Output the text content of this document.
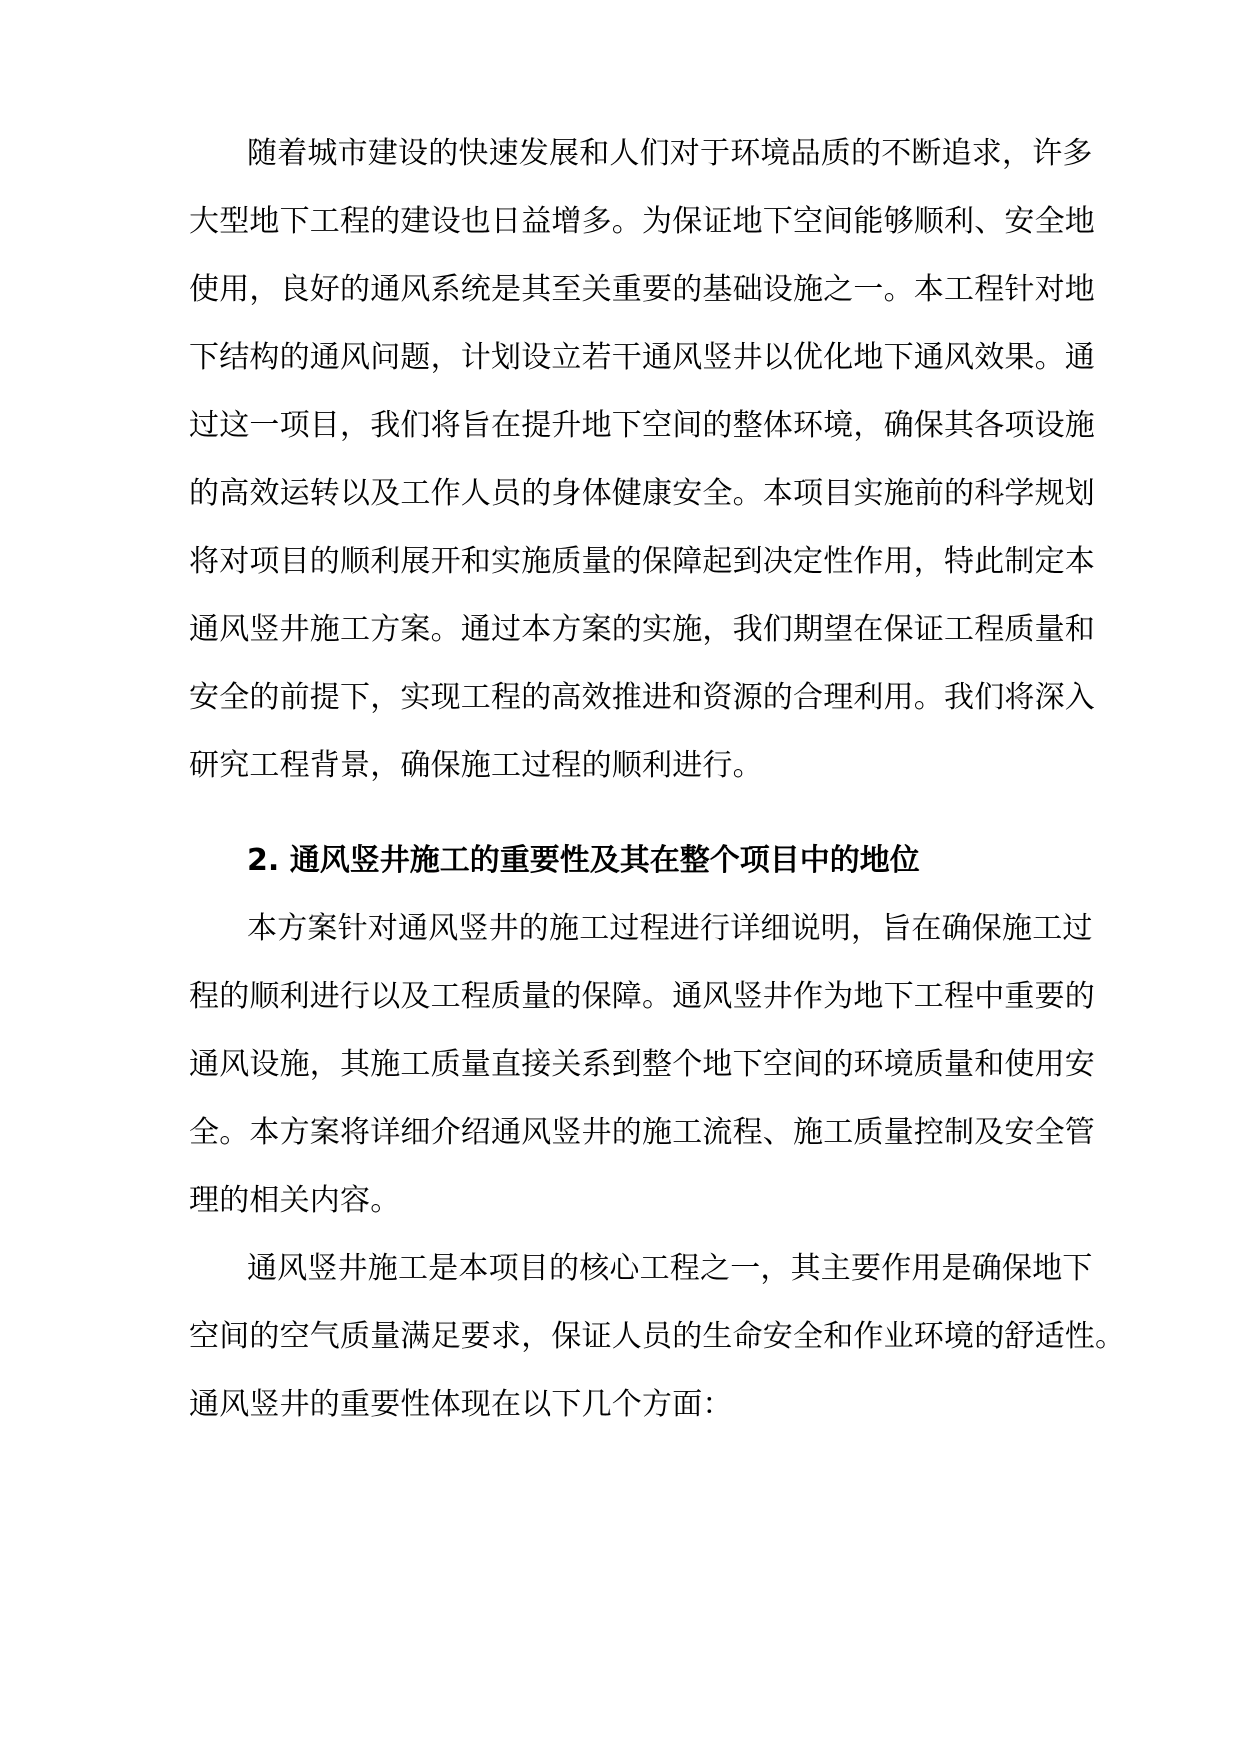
随着城市建设的快速发展和人们对于环境品质的不断追求，许多
大型地下工程的建设也日益增多。为保证地下空间能够顺利、安全地
使用，良好的通风系统是其至关重要的基础设施之一。本工程针对地
下结构的通风问题，计划设立若干通风竖井以优化地下通风效果。通
过这一项目，我们将旨在提升地下空间的整体环境，确保其各项设施
的高效运转以及工作人员的身体健康安全。本项目实施前的科学规划
将对项目的顺利展开和实施质量的保障起到决定性作用，特此制定本
通风竖井施工方案。通过本方案的实施，我们期望在保证工程质量和
安全的前提下，实现工程的高效推进和资源的合理利用。我们将深入
研究工程背景，确保施工过程的顺利进行。
2. 通风竖井施工的重要性及其在整个项目中的地位
本方案针对通风竖井的施工过程进行详细说明，旨在确保施工过
程的顺利进行以及工程质量的保障。通风竖井作为地下工程中重要的
通风设施，其施工质量直接关系到整个地下空间的环境质量和使用安
全。本方案将详细介绍通风竖井的施工流程、施工质量控制及安全管
理的相关内容。
通风竖井施工是本项目的核心工程之一，其主要作用是确保地下
空间的空气质量满足要求，保证人员的生命安全和作业环境的舒适性。
通风竖井的重要性体现在以下几个方面：
